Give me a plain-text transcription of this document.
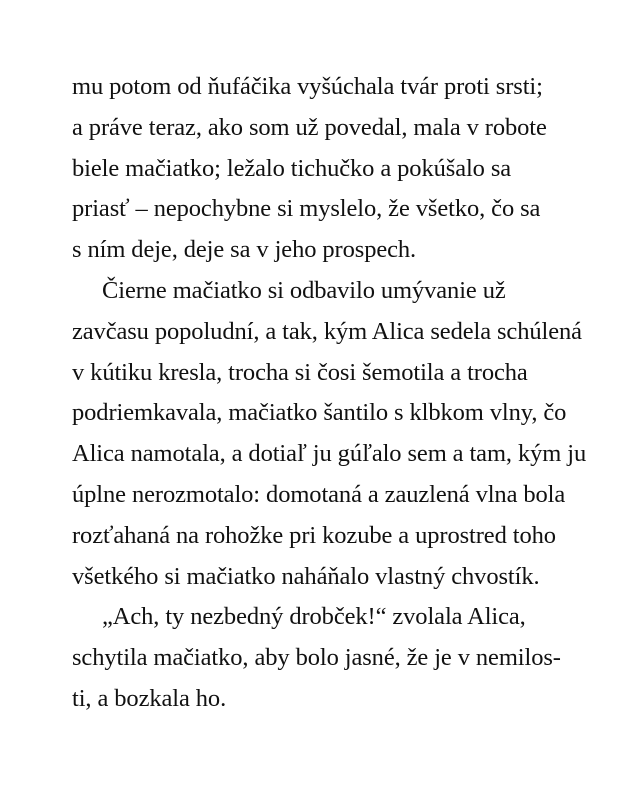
mu potom od ňufáčika vyšúchala tvár proti srsti;
a práve teraz, ako som už povedal, mala v robote
biele mačiatko; ležalo tichučko a pokúšalo sa
priasť – nepochybne si myslelo, že všetko, čo sa
s ním deje, deje sa v jeho prospech.
Čierne mačiatko si odbavilo umývanie už
zavčasu popoludní, a tak, kým Alica sedela schúlená
v kútiku kresla, trocha si čosi šemotila a trocha
podriemkavala, mačiatko šantilo s klbkom vlny, čo
Alica namotala, a dotiaľ ju gúľalo sem a tam, kým ju
úplne nerozmotalo: domotaná a zauzlená vlna bola
rozťahaná na rohožke pri kozube a uprostred toho
všetkého si mačiatko naháňalo vlastný chvostík.
„Ach, ty nezbedný drobček!“ zvolala Alica,
schytila mačiatko, aby bolo jasné, že je v nemilos-
ti, a bozkala ho.
